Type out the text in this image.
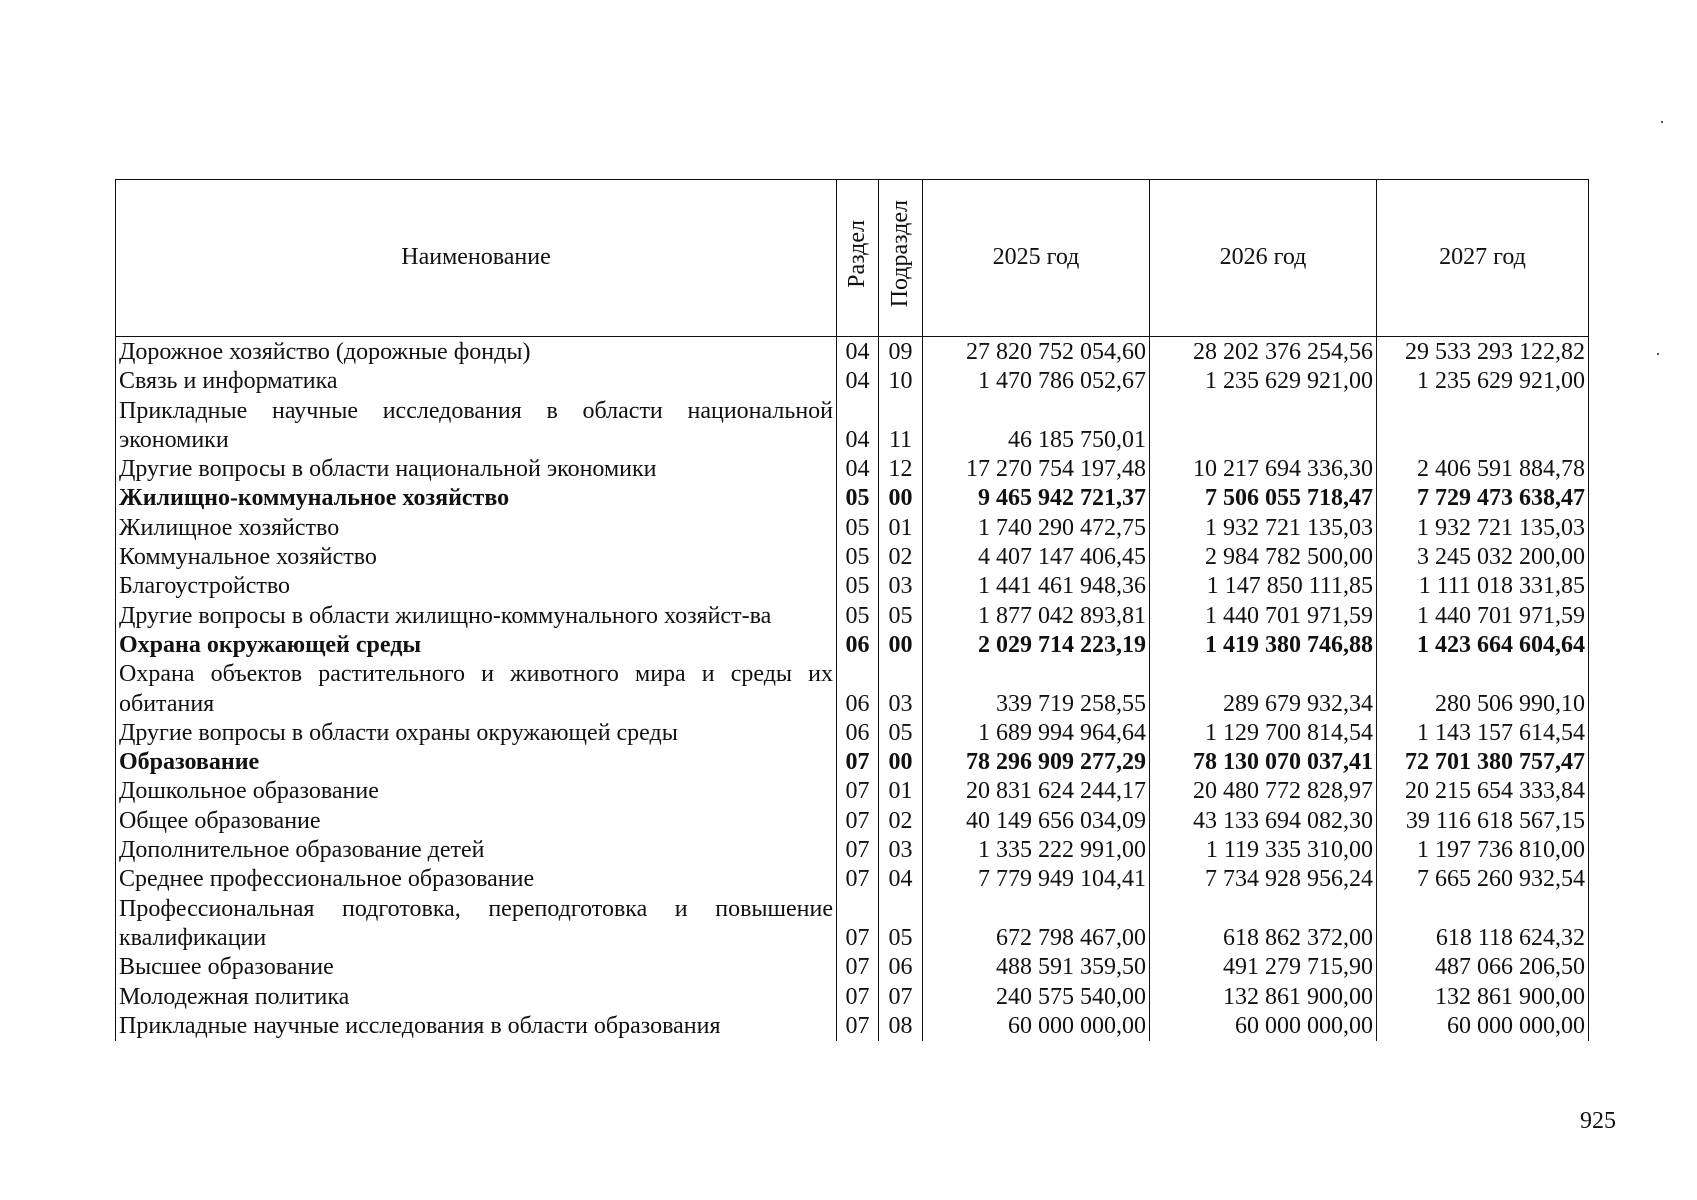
Наименование	Раздел	Подраздел	2025 год	2026 год	2027 год
Дорожное хозяйство (дорожные фонды)	04	09	27 820 752 054,60	28 202 376 254,56	29 533 293 122,82
Связь и информатика	04	10	1 470 786 052,67	1 235 629 921,00	1 235 629 921,00
Прикладные научные исследования в области национальной экономики	04	11	46 185 750,01		
Другие вопросы в области национальной экономики	04	12	17 270 754 197,48	10 217 694 336,30	2 406 591 884,78
Жилищно-коммунальное хозяйство	05	00	9 465 942 721,37	7 506 055 718,47	7 729 473 638,47
Жилищное хозяйство	05	01	1 740 290 472,75	1 932 721 135,03	1 932 721 135,03
Коммунальное хозяйство	05	02	4 407 147 406,45	2 984 782 500,00	3 245 032 200,00
Благоустройство	05	03	1 441 461 948,36	1 147 850 111,85	1 111 018 331,85
Другие вопросы в области жилищно-коммунального хозяйст-ва	05	05	1 877 042 893,81	1 440 701 971,59	1 440 701 971,59
Охрана окружающей среды	06	00	2 029 714 223,19	1 419 380 746,88	1 423 664 604,64
Охрана объектов растительного и животного мира и среды их обитания	06	03	339 719 258,55	289 679 932,34	280 506 990,10
Другие вопросы в области охраны окружающей среды	06	05	1 689 994 964,64	1 129 700 814,54	1 143 157 614,54
Образование	07	00	78 296 909 277,29	78 130 070 037,41	72 701 380 757,47
Дошкольное образование	07	01	20 831 624 244,17	20 480 772 828,97	20 215 654 333,84
Общее образование	07	02	40 149 656 034,09	43 133 694 082,30	39 116 618 567,15
Дополнительное образование детей	07	03	1 335 222 991,00	1 119 335 310,00	1 197 736 810,00
Среднее профессиональное образование	07	04	7 779 949 104,41	7 734 928 956,24	7 665 260 932,54
Профессиональная подготовка, переподготовка и повышение квалификации	07	05	672 798 467,00	618 862 372,00	618 118 624,32
Высшее образование	07	06	488 591 359,50	491 279 715,90	487 066 206,50
Молодежная политика	07	07	240 575 540,00	132 861 900,00	132 861 900,00
Прикладные научные исследования в области образования	07	08	60 000 000,00	60 000 000,00	60 000 000,00
925
·
·
